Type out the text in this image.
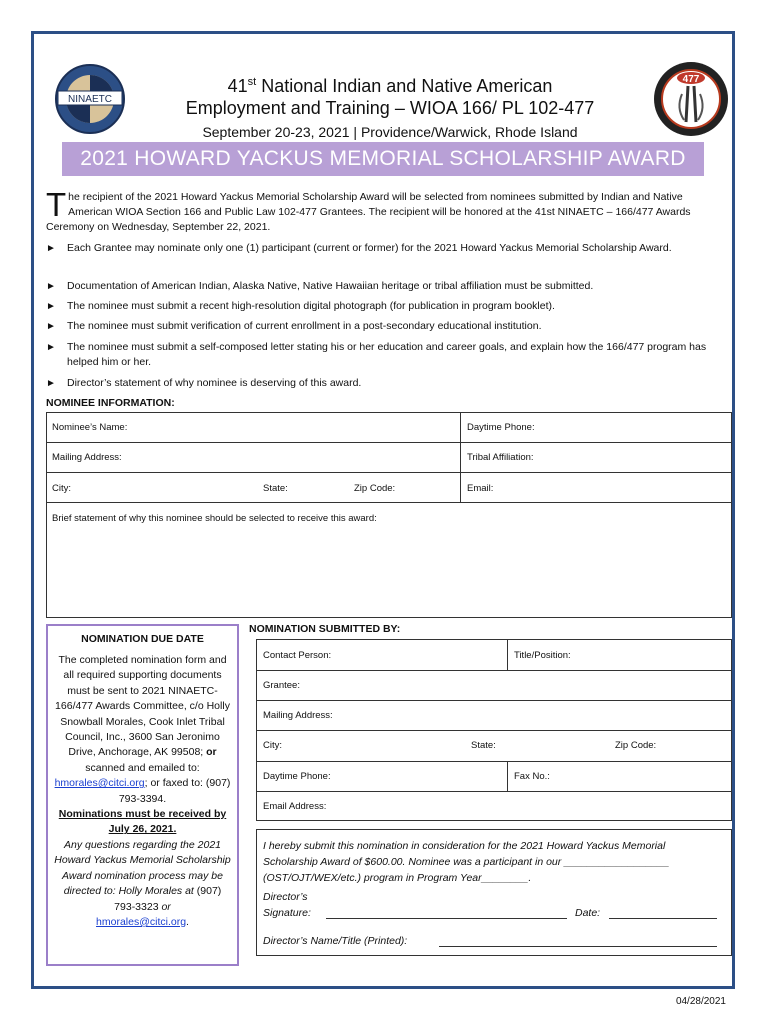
NINAETC
477
41st National Indian and Native American
Employment and Training – WIOA 166/ PL 102-477
September 20-23, 2021 | Providence/Warwick, Rhode Island
2021 HOWARD YACKUS MEMORIAL SCHOLARSHIP AWARD
The recipient of the 2021 Howard Yackus Memorial Scholarship Award will be selected from nominees submitted by Indian and Native American WIOA Section 166 and Public Law 102-477 Grantees. The recipient will be honored at the 41st NINAETC – 166/477 Awards Ceremony on Wednesday, September 22, 2021.
► Each Grantee may nominate only one (1) participant (current or former) for the 2021 Howard Yackus Memorial Scholarship Award.
► Documentation of American Indian, Alaska Native, Native Hawaiian heritage or tribal affiliation must be submitted.
► The nominee must submit a recent high-resolution digital photograph (for publication in program booklet).
► The nominee must submit verification of current enrollment in a post-secondary educational institution.
► The nominee must submit a self-composed letter stating his or her education and career goals, and explain how the 166/477 program has helped him or her.
► Director’s statement of why nominee is deserving of this award.
NOMINEE INFORMATION:
Nominee’s Name:	Daytime Phone:
Mailing Address:	Tribal Affiliation:
City:	State:	Zip Code:	Email:
Brief statement of why this nominee should be selected to receive this award:
NOMINATION DUE DATE
The completed nomination form and all required supporting documents must be sent to 2021 NINAETC-166/477 Awards Committee, c/o Holly Snowball Morales, Cook Inlet Tribal Council, Inc., 3600 San Jeronimo Drive, Anchorage, AK 99508; or scanned and emailed to: hmorales@citci.org; or faxed to: (907) 793-3394.
Nominations must be received by July 26, 2021.
Any questions regarding the 2021 Howard Yackus Memorial Scholarship Award nomination process may be directed to: Holly Morales at (907) 793-3323 or
hmorales@citci.org.
NOMINATION SUBMITTED BY:
Contact Person:	Title/Position:
Grantee:
Mailing Address:
City:	State:	Zip Code:
Daytime Phone:	Fax No.:
Email Address:
I hereby submit this nomination in consideration for the 2021 Howard Yackus Memorial
Scholarship Award of $600.00. Nominee was a participant in our __________________
(OST/OJT/WEX/etc.) program in Program Year________.
Director’s
Signature:	Date:
Director’s Name/Title (Printed):
04/28/2021
